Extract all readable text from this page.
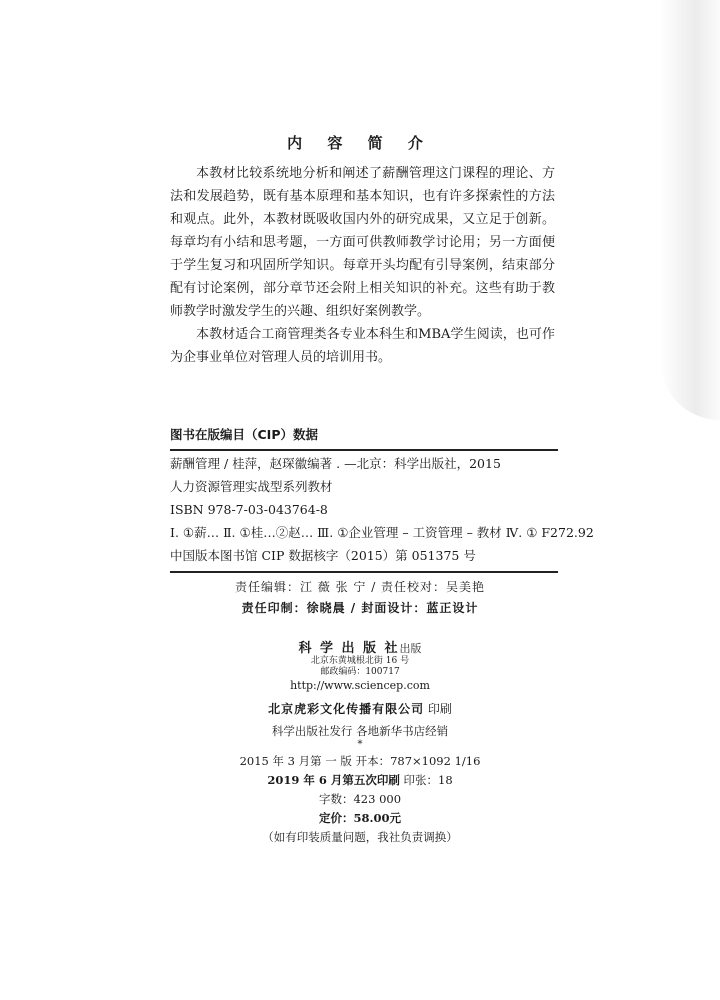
内 容 简 介

本教材比较系统地分析和阐述了薪酬管理这门课程的理论、方法和发展趋势，既有基本原理和基本知识，也有许多探索性的方法和观点。此外，本教材既吸收国内外的研究成果，又立足于创新。每章均有小结和思考题，一方面可供教师教学讨论用；另一方面便于学生复习和巩固所学知识。每章开头均配有引导案例，结束部分配有讨论案例，部分章节还会附上相关知识的补充。这些有助于教师教学时激发学生的兴趣、组织好案例教学。

本教材适合工商管理类各专业本科生和MBA学生阅读，也可作为企事业单位对管理人员的培训用书。

图书在版编目（CIP）数据
薪酬管理 / 桂萍，赵琛徽编著 . —北京：科学出版社，2015
人力资源管理实战型系列教材
ISBN 978-7-03-043764-8
Ⅰ. ①薪… Ⅱ. ①桂…②赵… Ⅲ. ①企业管理 – 工资管理 – 教材 Ⅳ. ① F272.92
中国版本图书馆 CIP 数据核字（2015）第 051375 号
责任编辑：江 薇 张 宁 / 责任校对：吴美艳
责任印制：徐晓晨 / 封面设计：蓝正设计
科 学 出 版 社出版
北京东黄城根北街 16 号
邮政编码：100717
http://www.sciencep.com
北京虎彩文化传播有限公司 印刷
科学出版社发行 各地新华书店经销
*
2015 年 3 月第 一 版 开本：787×1092 1/16
2019 年 6 月第五次印刷 印张：18
字数：423 000
定价：58.00元
（如有印装质量问题，我社负责调换）
